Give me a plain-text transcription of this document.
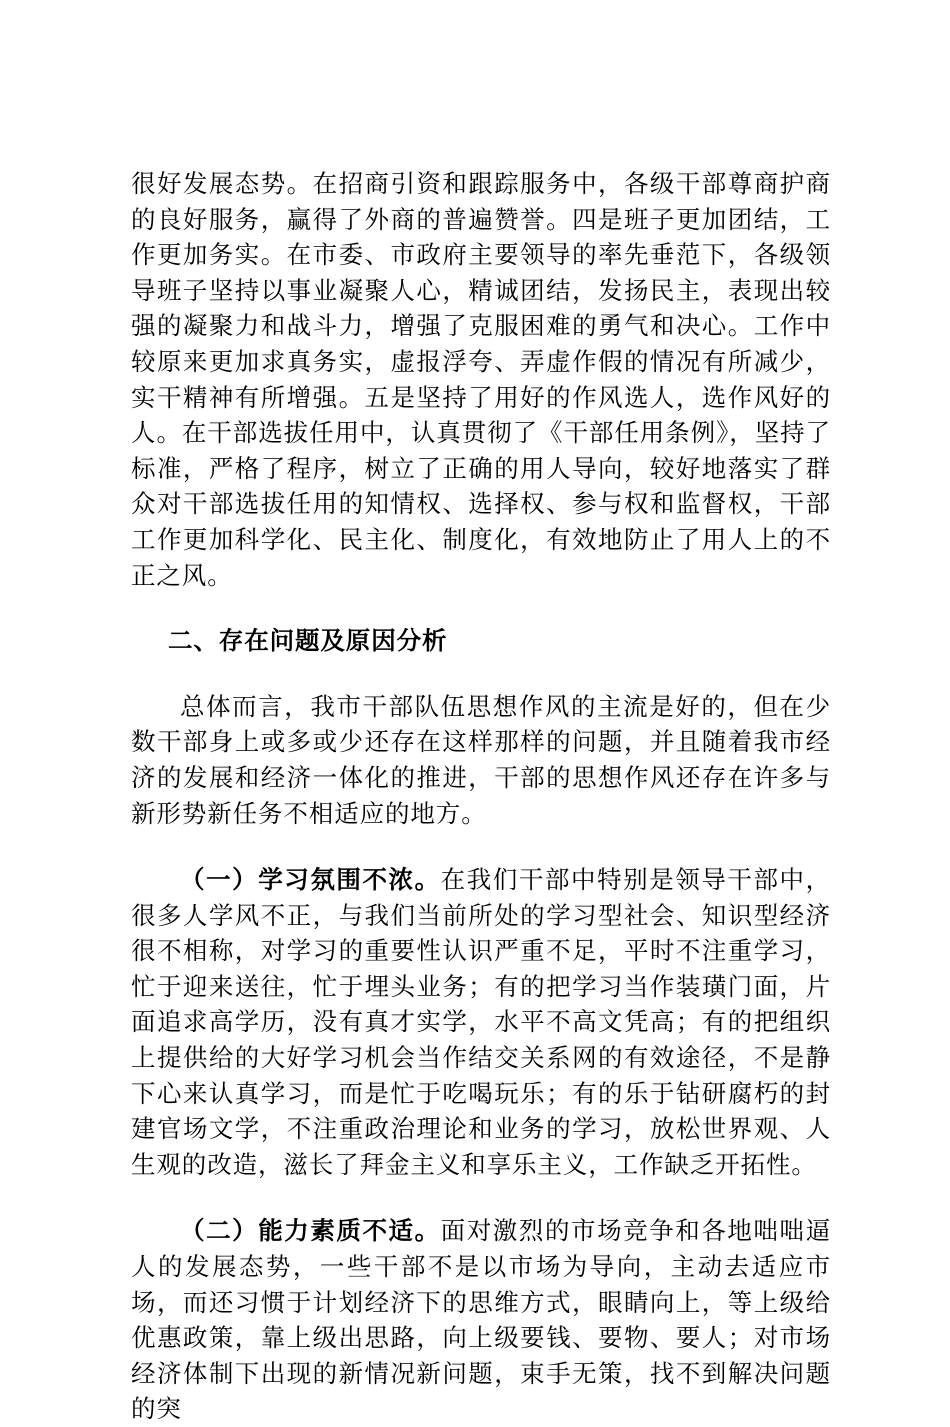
很好发展态势。在招商引资和跟踪服务中，各级干部尊商护商的良好服务，赢得了外商的普遍赞誉。四是班子更加团结，工作更加务实。在市委、市政府主要领导的率先垂范下，各级领导班子坚持以事业凝聚人心，精诚团结，发扬民主，表现出较强的凝聚力和战斗力，增强了克服困难的勇气和决心。工作中较原来更加求真务实，虚报浮夸、弄虚作假的情况有所减少，实干精神有所增强。五是坚持了用好的作风选人，选作风好的人。在干部选拔任用中，认真贯彻了《干部任用条例》，坚持了标准，严格了程序，树立了正确的用人导向，较好地落实了群众对干部选拔任用的知情权、选择权、参与权和监督权，干部工作更加科学化、民主化、制度化，有效地防止了用人上的不正之风。

二、存在问题及原因分析

总体而言，我市干部队伍思想作风的主流是好的，但在少数干部身上或多或少还存在这样那样的问题，并且随着我市经济的发展和经济一体化的推进，干部的思想作风还存在许多与新形势新任务不相适应的地方。

（一）学习氛围不浓。在我们干部中特别是领导干部中，很多人学风不正，与我们当前所处的学习型社会、知识型经济很不相称，对学习的重要性认识严重不足，平时不注重学习，忙于迎来送往，忙于埋头业务；有的把学习当作装璜门面，片面追求高学历，没有真才实学，水平不高文凭高；有的把组织上提供给的大好学习机会当作结交关系网的有效途径，不是静下心来认真学习，而是忙于吃喝玩乐；有的乐于钻研腐朽的封建官场文学，不注重政治理论和业务的学习，放松世界观、人生观的改造，滋长了拜金主义和享乐主义，工作缺乏开拓性。

（二）能力素质不适。面对激烈的市场竞争和各地咄咄逼人的发展态势，一些干部不是以市场为导向，主动去适应市场，而还习惯于计划经济下的思维方式，眼睛向上，等上级给优惠政策，靠上级出思路，向上级要钱、要物、要人；对市场经济体制下出现的新情况新问题，束手无策，找不到解决问题的突
